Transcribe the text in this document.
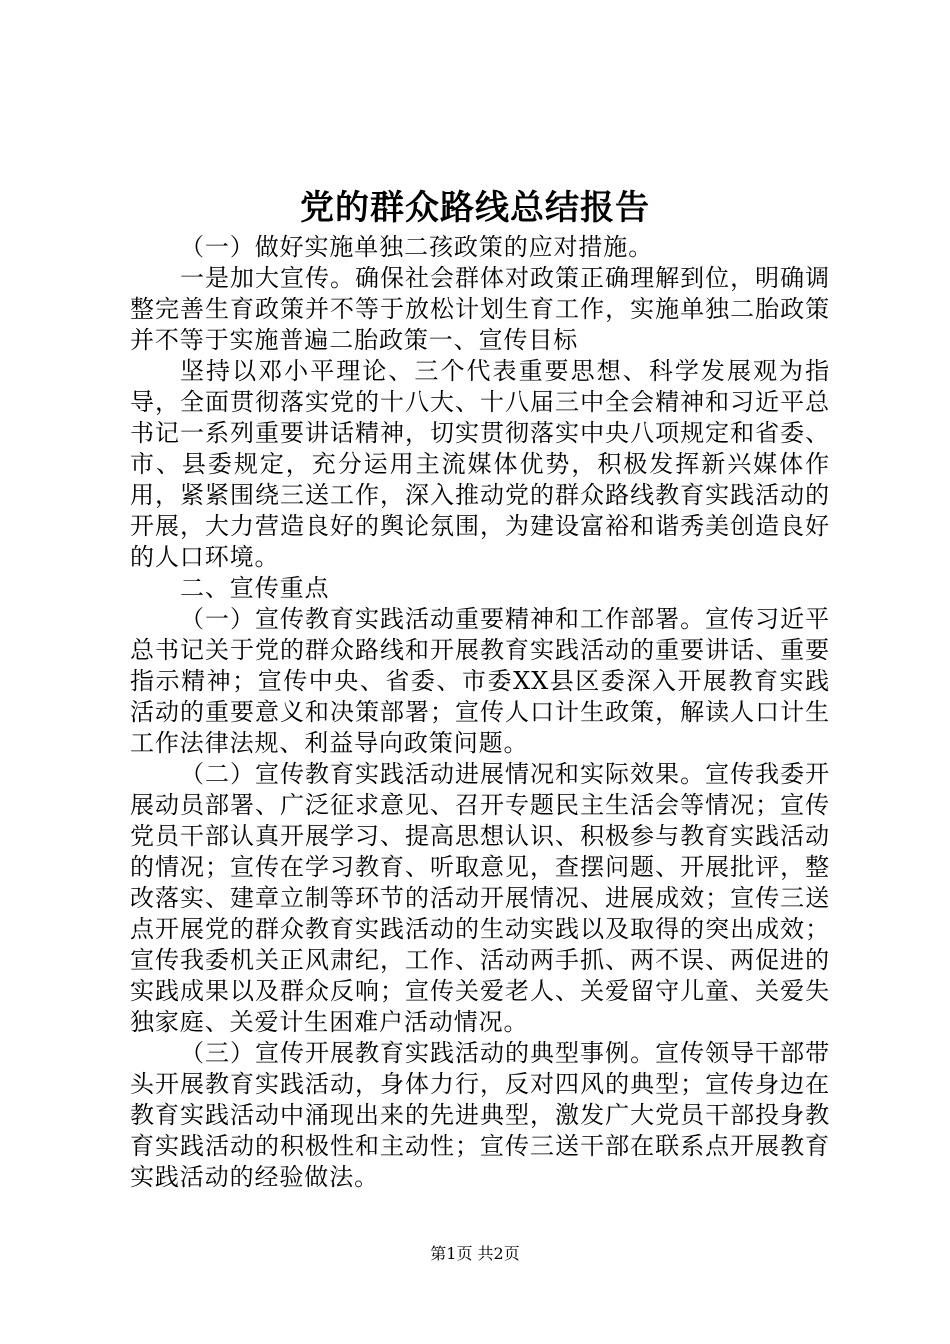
党的群众路线总结报告

（一）做好实施单独二孩政策的应对措施。

一是加大宣传。确保社会群体对政策正确理解到位，明确调整完善生育政策并不等于放松计划生育工作，实施单独二胎政策并不等于实施普遍二胎政策一、宣传目标

坚持以邓小平理论、三个代表重要思想、科学发展观为指导，全面贯彻落实党的十八大、十八届三中全会精神和习近平总书记一系列重要讲话精神，切实贯彻落实中央八项规定和省委、市、县委规定，充分运用主流媒体优势，积极发挥新兴媒体作用，紧紧围绕三送工作，深入推动党的群众路线教育实践活动的开展，大力营造良好的舆论氛围，为建设富裕和谐秀美创造良好的人口环境。

二、宣传重点

（一）宣传教育实践活动重要精神和工作部署。宣传习近平总书记关于党的群众路线和开展教育实践活动的重要讲话、重要指示精神；宣传中央、省委、市委XX县区委深入开展教育实践活动的重要意义和决策部署；宣传人口计生政策，解读人口计生工作法律法规、利益导向政策问题。

（二）宣传教育实践活动进展情况和实际效果。宣传我委开展动员部署、广泛征求意见、召开专题民主生活会等情况；宣传党员干部认真开展学习、提高思想认识、积极参与教育实践活动的情况；宣传在学习教育、听取意见，查摆问题、开展批评，整改落实、建章立制等环节的活动开展情况、进展成效；宣传三送点开展党的群众教育实践活动的生动实践以及取得的突出成效；宣传我委机关正风肃纪，工作、活动两手抓、两不误、两促进的实践成果以及群众反响；宣传关爱老人、关爱留守儿童、关爱失独家庭、关爱计生困难户活动情况。

（三）宣传开展教育实践活动的典型事例。宣传领导干部带头开展教育实践活动，身体力行，反对四风的典型；宣传身边在教育实践活动中涌现出来的先进典型，激发广大党员干部投身教育实践活动的积极性和主动性；宣传三送干部在联系点开展教育实践活动的经验做法。

第1页 共2页
